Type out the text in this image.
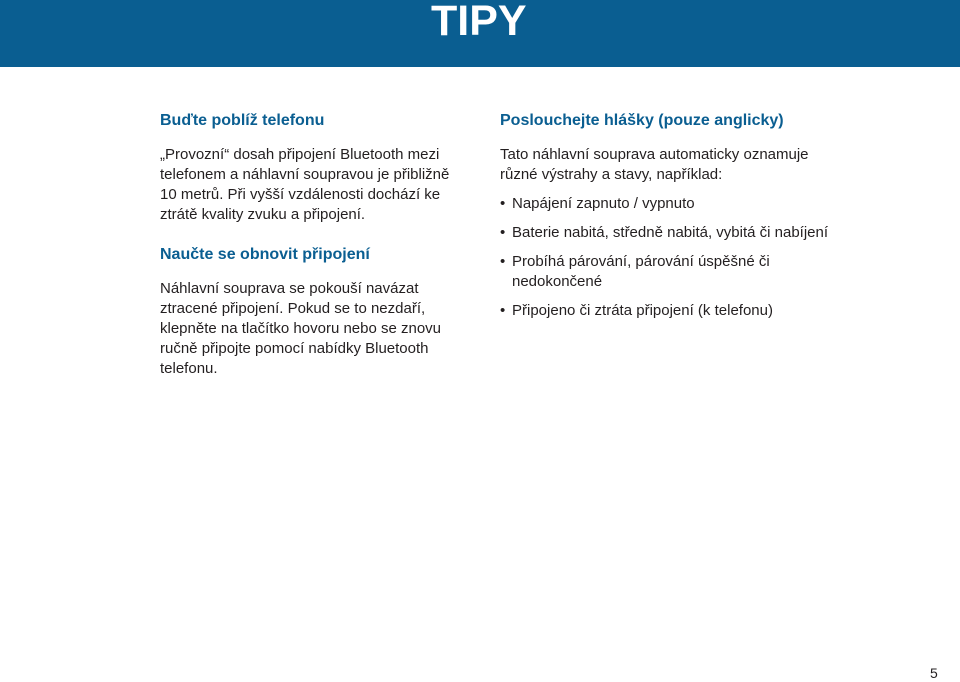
TIPY
Buďte poblíž telefonu

„Provozní“ dosah připojení Bluetooth mezi telefonem a náhlavní soupravou je přibližně 10 metrů. Při vyšší vzdálenosti dochází ke ztrátě kvality zvuku a připojení.

Naučte se obnovit připojení

Náhlavní souprava se pokouší navázat ztracené připojení. Pokud se to nezdaří, klepněte na tlačítko hovoru nebo se znovu ručně připojte pomocí nabídky Bluetooth telefonu.

Poslouchejte hlášky (pouze anglicky)

Tato náhlavní souprava automaticky oznamuje různé výstrahy a stavy, například:

• Napájení zapnuto / vypnuto
• Baterie nabitá, středně nabitá, vybitá či nabíjení
• Probíhá párování, párování úspěšné či nedokončené
• Připojeno či ztráta připojení (k telefonu)
5
